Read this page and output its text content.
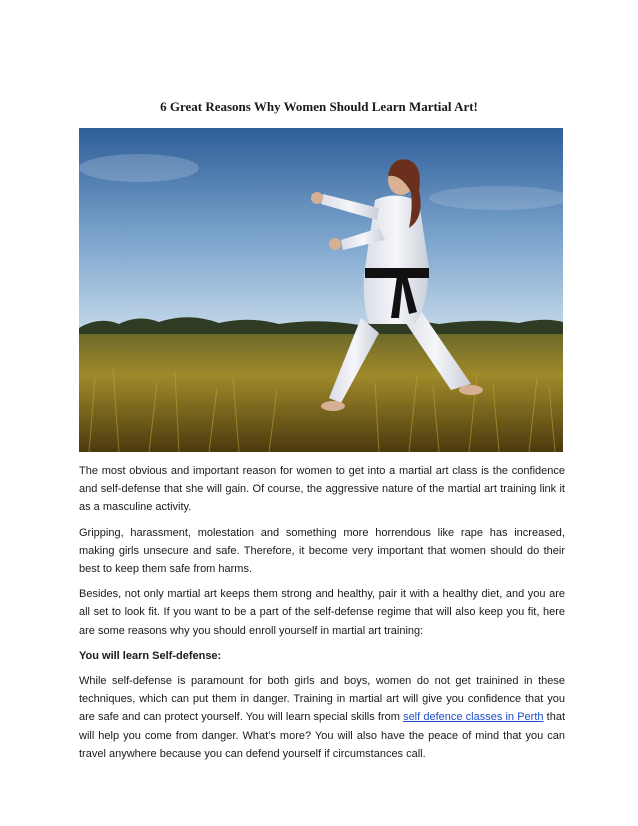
6 Great Reasons Why Women Should Learn Martial Art!

The most obvious and important reason for women to get into a martial art class is the confidence and self-defense that she will gain. Of course, the aggressive nature of the martial art training link it as a masculine activity.

Gripping, harassment, molestation and something more horrendous like rape has increased, making girls unsecure and safe. Therefore, it become very important that women should do their best to keep them safe from harms.

Besides, not only martial art keeps them strong and healthy, pair it with a healthy diet, and you are all set to look fit. If you want to be a part of the self-defense regime that will also keep you fit, here are some reasons why you should enroll yourself in martial art training:

You will learn Self-defense:

While self-defense is paramount for both girls and boys, women do not get trainined in these techniques, which can put them in danger. Training in martial art will give you confidence that you are safe and can protect yourself. You will learn special skills from self defence classes in Perth that will help you come from danger. What’s more? You will also have the peace of mind that you can travel anywhere because you can defend yourself if circumstances call.
